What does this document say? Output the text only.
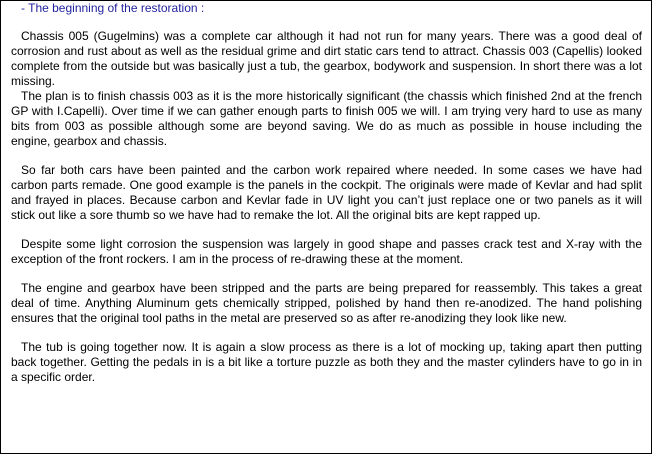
- The beginning of the restoration :

Chassis 005 (Gugelmins) was a complete car although it had not run for many years. There was a good deal of corrosion and rust about as well as the residual grime and dirt static cars tend to attract. Chassis 003 (Capellis) looked complete from the outside but was basically just a tub, the gearbox, bodywork and suspension. In short there was a lot missing.

The plan is to finish chassis 003 as it is the more historically significant (the chassis which finished 2nd at the french GP with I.Capelli). Over time if we can gather enough parts to finish 005 we will. I am trying very hard to use as many bits from 003 as possible although some are beyond saving. We do as much as possible in house including the engine, gearbox and chassis.

So far both cars have been painted and the carbon work repaired where needed. In some cases we have had carbon parts remade. One good example is the panels in the cockpit. The originals were made of Kevlar and had split and frayed in places. Because carbon and Kevlar fade in UV light you can’t just replace one or two panels as it will stick out like a sore thumb so we have had to remake the lot. All the original bits are kept rapped up.

Despite some light corrosion the suspension was largely in good shape and passes crack test and X-ray with the exception of the front rockers. I am in the process of re-drawing these at the moment.

The engine and gearbox have been stripped and the parts are being prepared for reassembly. This takes a great deal of time. Anything Aluminum gets chemically stripped, polished by hand then re-anodized. The hand polishing ensures that the original tool paths in the metal are preserved so as after re-anodizing they look like new.

The tub is going together now. It is again a slow process as there is a lot of mocking up, taking apart then putting back together. Getting the pedals in is a bit like a torture puzzle as both they and the master cylinders have to go in in a specific order.
